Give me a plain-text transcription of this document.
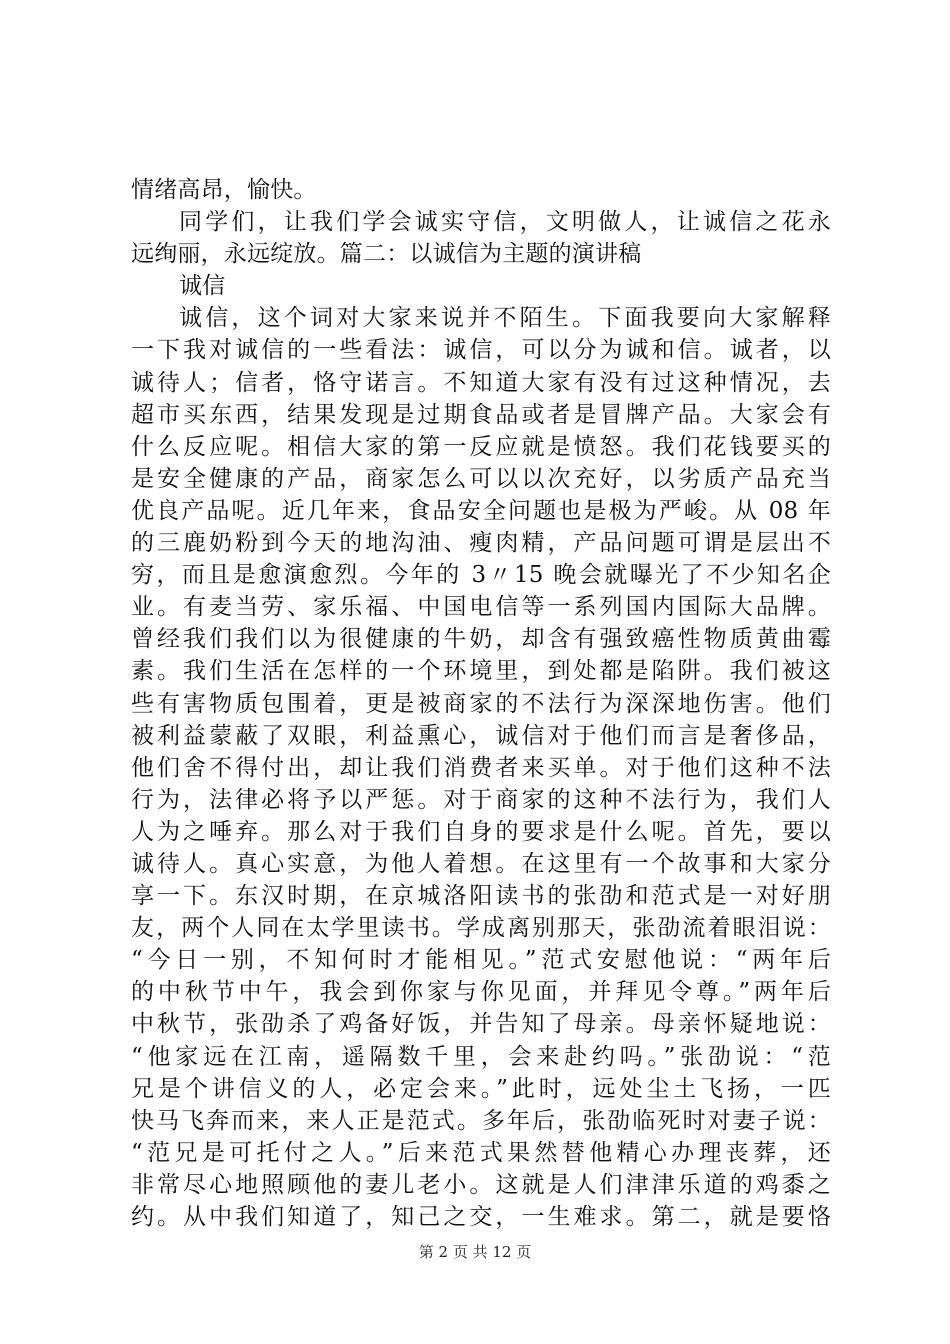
情绪高昂，愉快。
同学们，让我们学会诚实守信，文明做人，让诚信之花永
远绚丽，永远绽放。篇二：以诚信为主题的演讲稿
诚信
诚信，这个词对大家来说并不陌生。下面我要向大家解释
一下我对诚信的一些看法：诚信，可以分为诚和信。诚者，以
诚待人；信者，恪守诺言。不知道大家有没有过这种情况，去
超市买东西，结果发现是过期食品或者是冒牌产品。大家会有
什么反应呢。相信大家的第一反应就是愤怒。我们花钱要买的
是安全健康的产品，商家怎么可以以次充好，以劣质产品充当
优良产品呢。近几年来，食品安全问题也是极为严峻。从 08 年
的三鹿奶粉到今天的地沟油、瘦肉精，产品问题可谓是层出不
穷，而且是愈演愈烈。今年的 3〃15 晚会就曝光了不少知名企
业。有麦当劳、家乐福、中国电信等一系列国内国际大品牌。
曾经我们我们以为很健康的牛奶，却含有强致癌性物质黄曲霉
素。我们生活在怎样的一个环境里，到处都是陷阱。我们被这
些有害物质包围着，更是被商家的不法行为深深地伤害。他们
被利益蒙蔽了双眼，利益熏心，诚信对于他们而言是奢侈品，
他们舍不得付出，却让我们消费者来买单。对于他们这种不法
行为，法律必将予以严惩。对于商家的这种不法行为，我们人
人为之唾弃。那么对于我们自身的要求是什么呢。首先，要以
诚待人。真心实意，为他人着想。在这里有一个故事和大家分
享一下。东汉时期，在京城洛阳读书的张劭和范式是一对好朋
友，两个人同在太学里读书。学成离别那天，张劭流着眼泪说：
“今日一别，不知何时才能相见。”范式安慰他说：“两年后
的中秋节中午，我会到你家与你见面，并拜见令尊。”两年后
中秋节，张劭杀了鸡备好饭，并告知了母亲。母亲怀疑地说：
“他家远在江南，遥隔数千里，会来赴约吗。”张劭说：“范
兄是个讲信义的人，必定会来。”此时，远处尘土飞扬，一匹
快马飞奔而来，来人正是范式。多年后，张劭临死时对妻子说：
“范兄是可托付之人。”后来范式果然替他精心办理丧葬，还
非常尽心地照顾他的妻儿老小。这就是人们津津乐道的鸡黍之
约。从中我们知道了，知己之交，一生难求。第二，就是要恪
第 2 页 共 12 页
